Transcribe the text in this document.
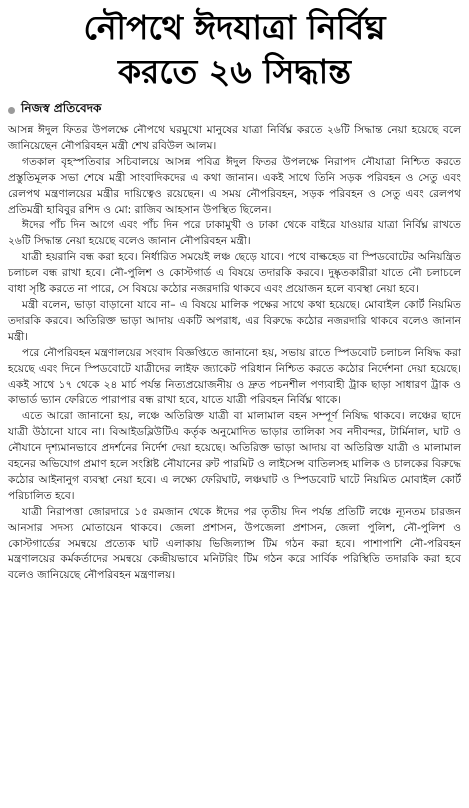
নৌপথে ঈদযাত্রা নির্বিঘ্ন
করতে ২৬ সিদ্ধান্ত
নিজস্ব প্রতিবেদক

আসন্ন ঈদুল ফিতর উপলক্ষে নৌপথে ঘরমুখো মানুষের যাত্রা নির্বিঘ্ন করতে ২৬টি সিদ্ধান্ত নেয়া হয়েছে বলে জানিয়েছেন নৌপরিবহন মন্ত্রী শেখ রবিউল আলম।

গতকাল বৃহস্পতিবার সচিবালয়ে আসন্ন পবিত্র ঈদুল ফিতর উপলক্ষে নিরাপদ নৌযাত্রা নিশ্চিত করতে প্রস্তুতিমূলক সভা শেষে মন্ত্রী সাংবাদিকদের এ কথা জানান। একই সাথে তিনি সড়ক পরিবহন ও সেতু এবং রেলপথ মন্ত্রণালয়ের মন্ত্রীর দায়িত্বেও রয়েছেন। এ সময় নৌপরিবহন, সড়ক পরিবহন ও সেতু এবং রেলপথ প্রতিমন্ত্রী হাবিবুর রশিদ ও মো: রাজিব আহসান উপস্থিত ছিলেন।

ঈদের পাঁচ দিন আগে এবং পাঁচ দিন পরে ঢাকামুখী ও ঢাকা থেকে বাইরে যাওয়ার যাত্রা নির্বিঘ্ন রাখতে ২৬টি সিদ্ধান্ত নেয়া হয়েছে বলেও জানান নৌপরিবহন মন্ত্রী।

যাত্রী হয়রানি বন্ধ করা হবে। নির্ধারিত সময়েই লঞ্চ ছেড়ে যাবে। পথে বাল্কহেড বা স্পিডবোটের অনিয়ন্ত্রিত চলাচল বন্ধ রাখা হবে। নৌ-পুলিশ ও কোস্টগার্ড এ বিষয়ে তদারকি করবে। দুষ্কৃতকারীরা যাতে নৌ চলাচলে বাধা সৃষ্টি করতে না পারে, সে বিষয়ে কঠোর নজরদারি থাকবে এবং প্রয়োজন হলে ব্যবস্থা নেয়া হবে।

মন্ত্রী বলেন, ভাড়া বাড়ানো যাবে না– এ বিষয়ে মালিক পক্ষের সাথে কথা হয়েছে। মোবাইল কোর্ট নিয়মিত তদারকি করবে। অতিরিক্ত ভাড়া আদায় একটি অপরাধ, এর বিরুদ্ধে কঠোর নজরদারি থাকবে বলেও জানান মন্ত্রী।

পরে নৌপরিবহন মন্ত্রণালয়ের সংবাদ বিজ্ঞপ্তিতে জানানো হয়, সভায় রাতে স্পিডবোট চলাচল নিষিদ্ধ করা হয়েছে এবং দিনে স্পিডবোটে যাত্রীদের লাইফ জ্যাকেট পরিধান নিশ্চিত করতে কঠোর নির্দেশনা দেয়া হয়েছে। একই সাথে ১৭ থেকে ২৪ মার্চ পর্যন্ত নিত্যপ্রয়োজনীয় ও দ্রুত পচনশীল পণ্যবাহী ট্রাক ছাড়া সাধারণ ট্রাক ও কাভার্ড ভ্যান ফেরিতে পারাপার বন্ধ রাখা হবে, যাতে যাত্রী পরিবহন নির্বিঘ্ন থাকে।

এতে আরো জানানো হয়, লঞ্চে অতিরিক্ত যাত্রী বা মালামাল বহন সম্পূর্ণ নিষিদ্ধ থাকবে। লঞ্চের ছাদে যাত্রী উঠানো যাবে না। বিআইডব্লিউটিএ কর্তৃক অনুমোদিত ভাড়ার তালিকা সব নদীবন্দর, টার্মিনাল, ঘাট ও নৌযানে দৃশ্যমানভাবে প্রদর্শনের নির্দেশ দেয়া হয়েছে। অতিরিক্ত ভাড়া আদায় বা অতিরিক্ত যাত্রী ও মালামাল বহনের অভিযোগ প্রমাণ হলে সংশ্লিষ্ট নৌযানের রুট পারমিট ও লাইসেন্স বাতিলসহ মালিক ও চালকের বিরুদ্ধে কঠোর আইনানুগ ব্যবস্থা নেয়া হবে। এ লক্ষ্যে ফেরিঘাট, লঞ্চঘাট ও স্পিডবোট ঘাটে নিয়মিত মোবাইল কোর্ট পরিচালিত হবে।

যাত্রী নিরাপত্তা জোরদারে ১৫ রমজান থেকে ঈদের পর তৃতীয় দিন পর্যন্ত প্রতিটি লঞ্চে ন্যূনতম চারজন আনসার সদস্য মোতায়েন থাকবে। জেলা প্রশাসন, উপজেলা প্রশাসন, জেলা পুলিশ, নৌ-পুলিশ ও কোস্টগার্ডের সমন্বয়ে প্রত্যেক ঘাট এলাকায় ভিজিল্যান্স টিম গঠন করা হবে। পাশাপাশি নৌ-পরিবহন মন্ত্রণালয়ের কর্মকর্তাদের সমন্বয়ে কেন্দ্রীয়ভাবে মনিটরিং টিম গঠন করে সার্বিক পরিস্থিতি তদারকি করা হবে বলেও জানিয়েছে নৌপরিবহন মন্ত্রণালয়।
